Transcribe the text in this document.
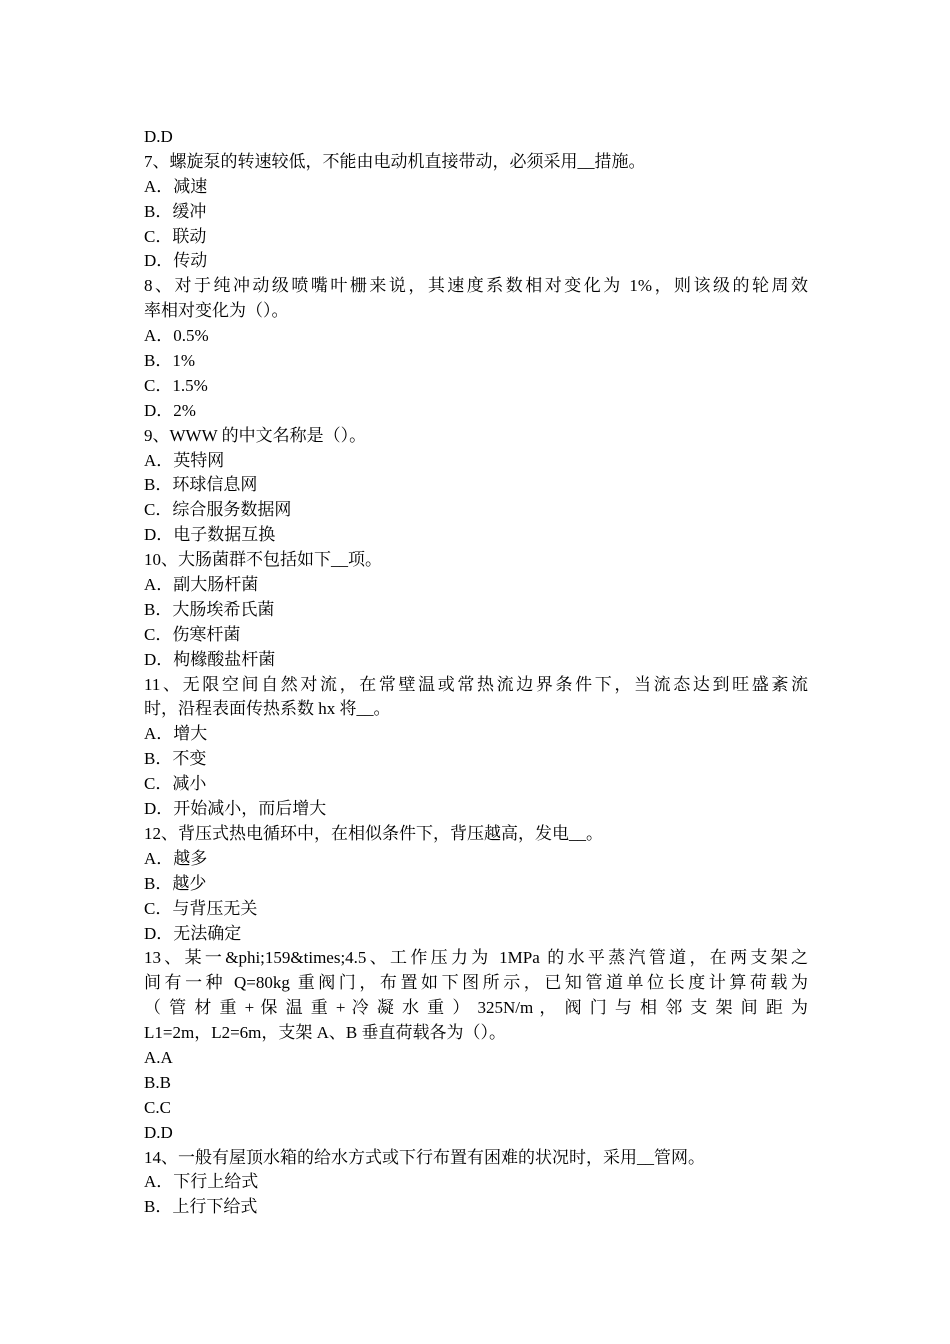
D.D
7、螺旋泵的转速较低，不能由电动机直接带动，必须采用__措施。
A．减速
B．缓冲
C．联动
D．传动
8、对于纯冲动级喷嘴叶栅来说，其速度系数相对变化为 1%，则该级的轮周效
率相对变化为（）。
A．0.5%
B．1%
C．1.5%
D．2%
9、WWW 的中文名称是（）。
A．英特网
B．环球信息网
C．综合服务数据网
D．电子数据互换
10、大肠菌群不包括如下__项。
A．副大肠杆菌
B．大肠埃希氏菌
C．伤寒杆菌
D．枸橼酸盐杆菌
11、无限空间自然对流，在常壁温或常热流边界条件下，当流态达到旺盛紊流
时，沿程表面传热系数 hx 将__。
A．增大
B．不变
C．减小
D．开始减小，而后增大
12、背压式热电循环中，在相似条件下，背压越高，发电__。
A．越多
B．越少
C．与背压无关
D．无法确定
13、某一&phi;159&times;4.5、工作压力为 1MPa 的水平蒸汽管道，在两支架之
间有一种 Q=80kg 重阀门，布置如下图所示，已知管道单位长度计算荷载为
（ 管 材 重 + 保 温 重 + 冷 凝 水 重 ） 325N/m ， 阀 门 与 相 邻 支 架 间 距 为
L1=2m，L2=6m，支架 A、B 垂直荷载各为（）。
A.A
B.B
C.C
D.D
14、一般有屋顶水箱的给水方式或下行布置有困难的状况时，采用__管网。
A．下行上给式
B．上行下给式
